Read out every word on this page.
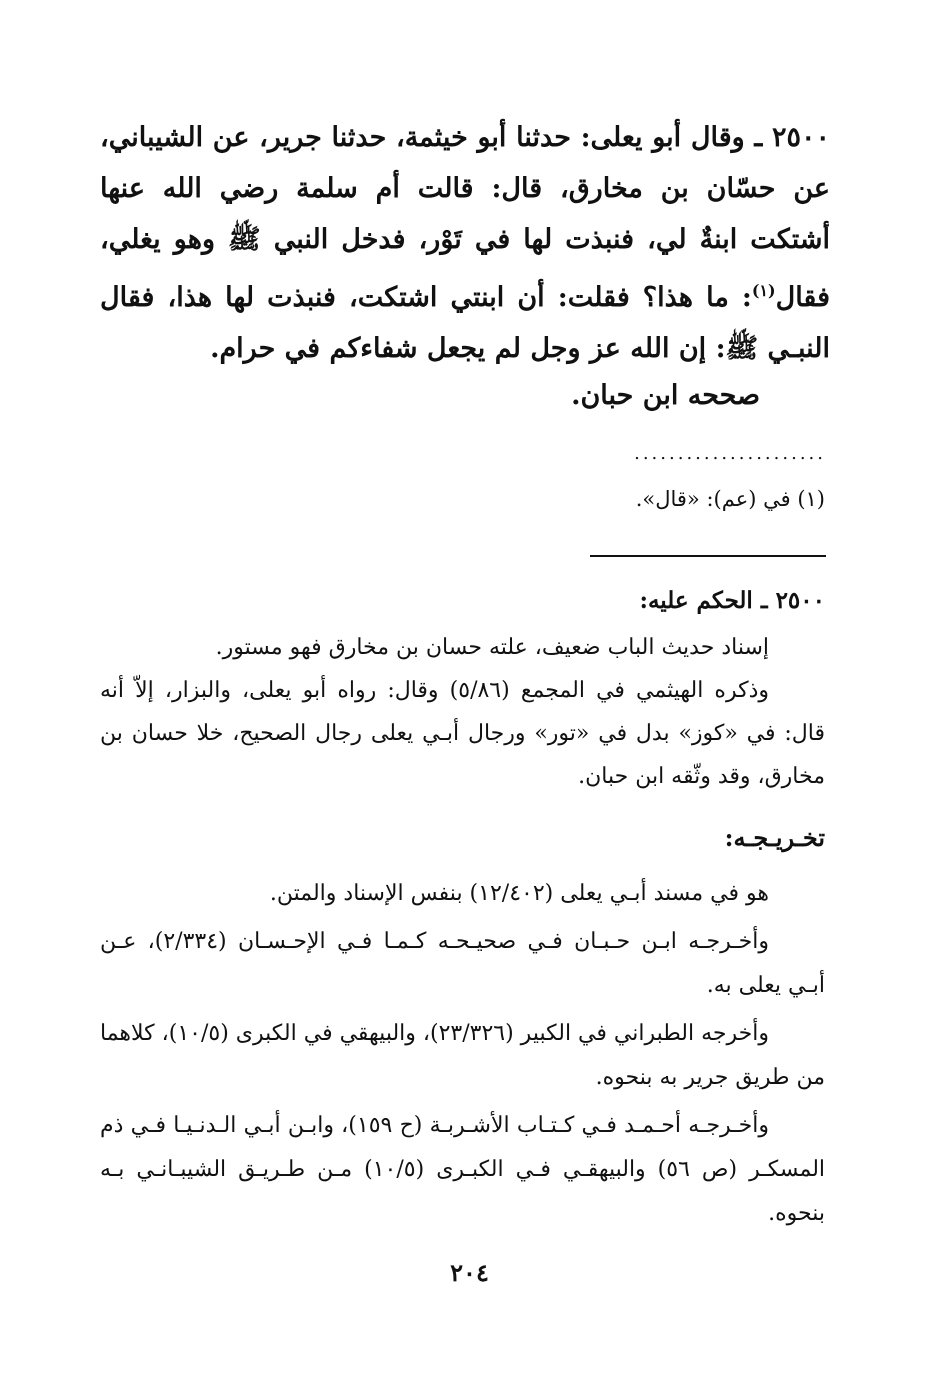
٢٥٠٠ ـ وقال أبو يعلى: حدثنا أبو خيثمة، حدثنا جرير، عن الشيباني، عن حسّان بن مخارق، قال: قالت أم سلمة رضي الله عنها أشتكت ابنةٌ لي، فنبذت لها في تَوْر، فدخل النبي ﷺ وهو يغلي، فقال$^{(١)}$: ما هذا؟ فقلت: أن ابنتي اشتكت، فنبذت لها هذا، فقال النبـي ﷺ: إن الله عز وجل لم يجعل شفاءكم في حرام.

صححه ابن حبان.
......................
(١) في (عم): «قال».
٢٥٠٠ ـ الحكم عليه:

إسناد حديث الباب ضعيف، علته حسان بن مخارق فهو مستور.

وذكره الهيثمي في المجمع (٥/٨٦) وقال: رواه أبو يعلى، والبزار، إلاّ أنه قال: في «كوز» بدل في «تور» ورجال أبـي يعلى رجال الصحيح، خلا حسان بن مخارق، وقد وثّقه ابن حبان.

تخـريـجـه:

هو في مسند أبـي يعلى (١٢/٤٠٢) بنفس الإسناد والمتن.

وأخـرجـه ابـن حـبـان فـي صحيـحـه كـمـا فـي الإحـسـان (٢/٣٣٤)، عـن أبـي يعلى به.

وأخرجه الطبراني في الكبير (٢٣/٣٢٦)، والبيهقي في الكبرى (١٠/٥)، كلاهما من طريق جرير به بنحوه.

وأخـرجـه أحـمـد فـي كـتـاب الأشـربـة (ح ١٥٩)، وابـن أبـي الـدنـيـا فـي ذم المسكـر (ص ٥٦) والبيهقـي فـي الكبـرى (١٠/٥) مـن طـريـق الشيبـانـي بـه بنحوه.

٢٠٤
